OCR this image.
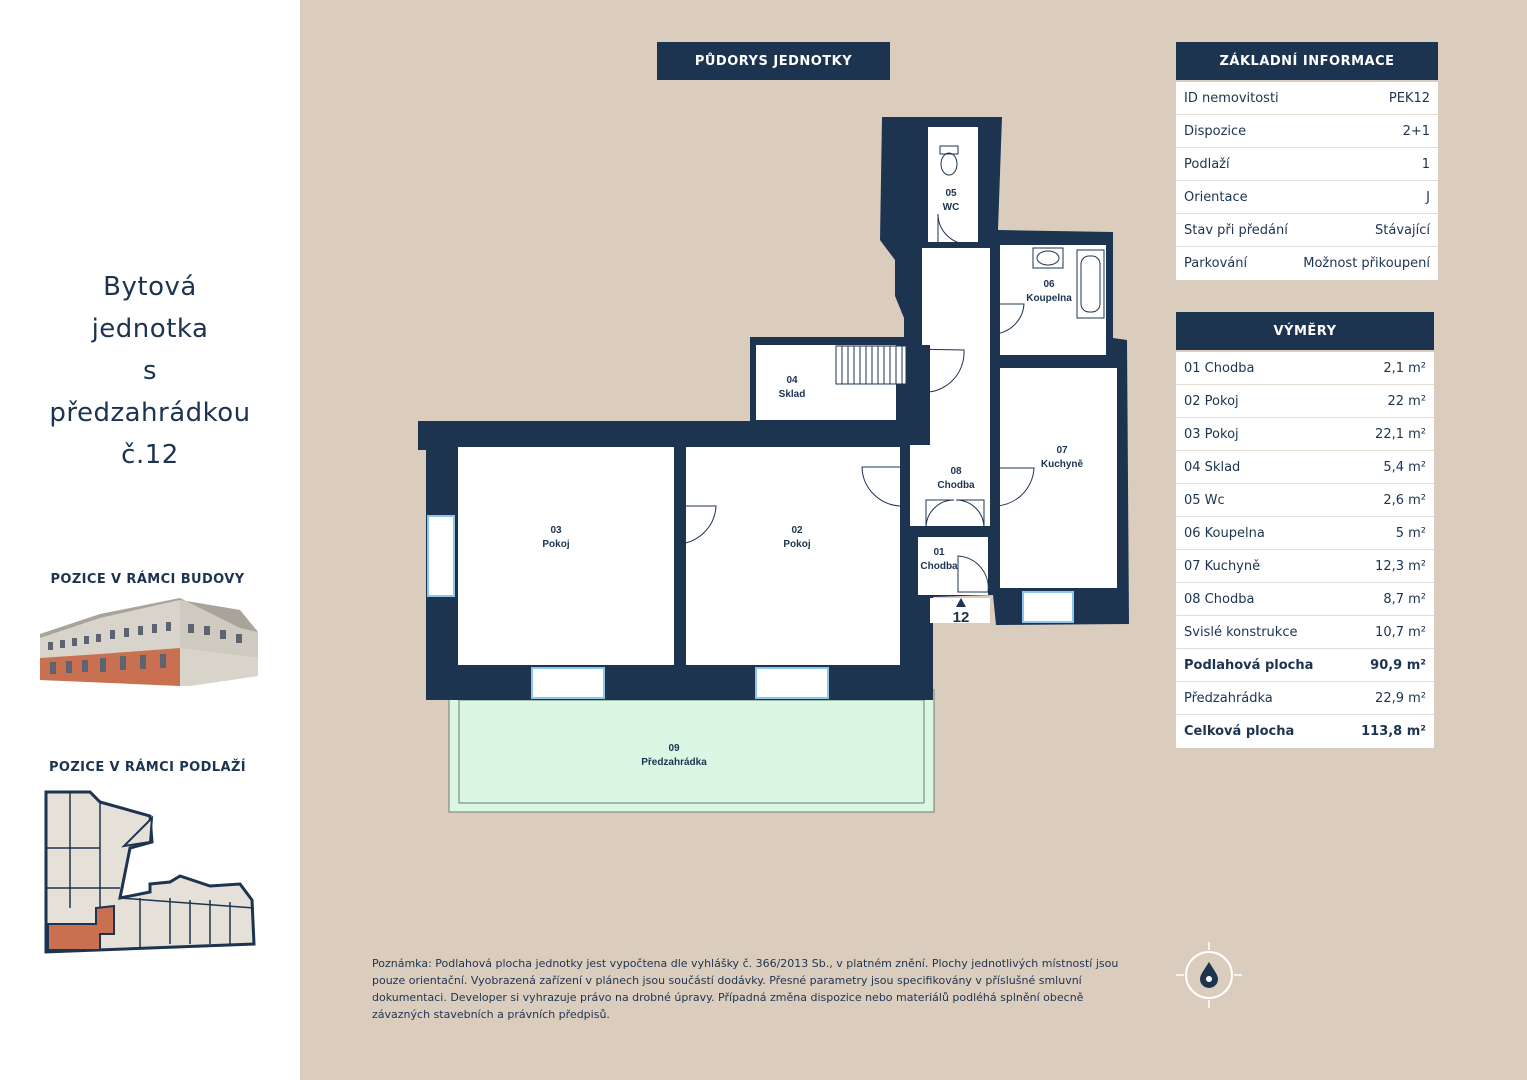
Bytová
jednotka
s
předzahrádkou
č.12
POZICE V RÁMCI BUDOVY
POZICE V RÁMCI PODLAŽÍ
PŮDORYS JEDNOTKY
12
01
Chodba
02
Pokoj
03
Pokoj
04
Sklad
05
WC
06
Koupelna
07
Kuchyně
08
Chodba
09
Předzahrádka
ZÁKLADNÍ INFORMACE
ID nemovitosti	PEK12
Dispozice	2+1
Podlaží	1
Orientace	J
Stav při předání	Stávající
Parkování	Možnost přikoupení
VÝMĚRY
01 Chodba	2,1 m²
02 Pokoj	22 m²
03 Pokoj	22,1 m²
04 Sklad	5,4 m²
05 Wc	2,6 m²
06 Koupelna	5 m²
07 Kuchyně	12,3 m²
08 Chodba	8,7 m²
Svislé konstrukce	10,7 m²
Podlahová plocha	90,9 m²
Předzahrádka	22,9 m²
Celková plocha	113,8 m²
Poznámka: Podlahová plocha jednotky jest vypočtena dle vyhlášky č. 366/2013 Sb., v platném znění. Plochy jednotlivých místností jsou
pouze orientační. Vyobrazená zařízení v plánech jsou součástí dodávky. Přesné parametry jsou specifikovány v příslušné smluvní
dokumentaci. Developer si vyhrazuje právo na drobné úpravy. Případná změna dispozice nebo materiálů podléhá splnění obecně
závazných stavebních a právních předpisů.
